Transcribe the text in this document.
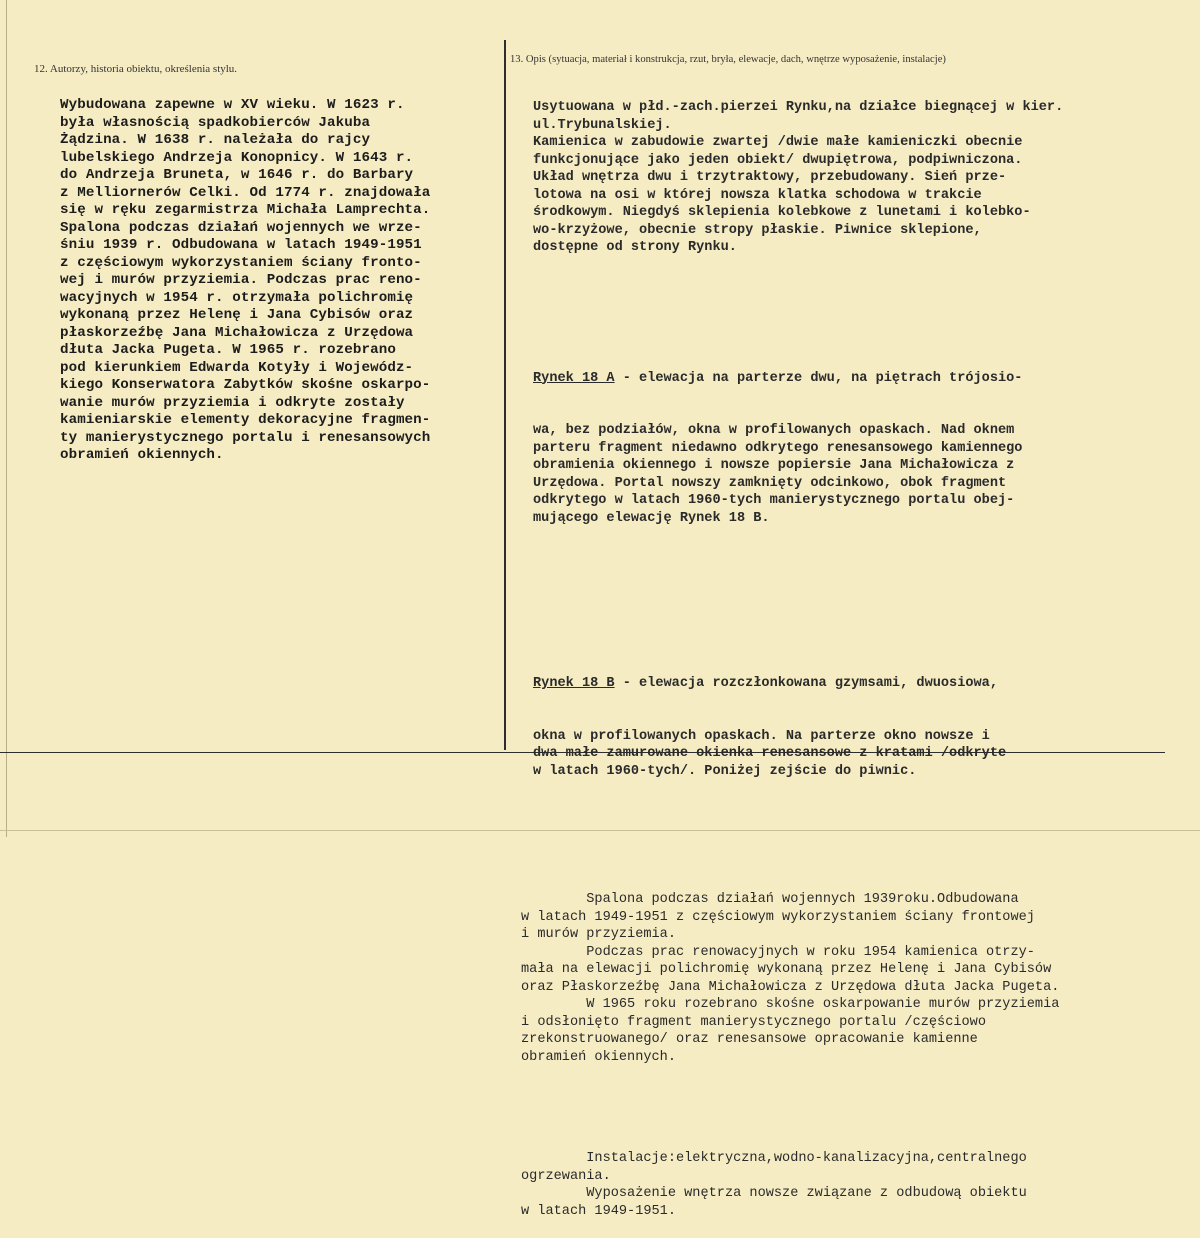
12. Autorzy, historia obiektu, określenia stylu.
Wybudowana zapewne w XV wieku. W 1623 r.
była własnością spadkobierców Jakuba
Żądzina. W 1638 r. należała do rajcy
lubelskiego Andrzeja Konopnicy. W 1643 r.
do Andrzeja Bruneta, w 1646 r. do Barbary
z Melliornerów Celki. Od 1774 r. znajdowała
się w ręku zegarmistrza Michała Lamprechta.
Spalona podczas działań wojennych we wrze-
śniu 1939 r. Odbudowana w latach 1949-1951
z częściowym wykorzystaniem ściany fronto-
wej i murów przyziemia. Podczas prac reno-
wacyjnych w 1954 r. otrzymała polichromię
wykonaną przez Helenę i Jana Cybisów oraz
płaskorzeźbę Jana Michałowicza z Urzędowa
dłuta Jacka Pugeta. W 1965 r. rozebrano
pod kierunkiem Edwarda Kotyły i Wojewódz-
kiego Konserwatora Zabytków skośne oskarpo-
wanie murów przyziemia i odkryte zostały
kamieniarskie elementy dekoracyjne fragmen-
ty manierystycznego portalu i renesansowych
obramień okiennych.
13. Opis (sytuacja, materiał i konstrukcja, rzut, bryła, elewacje, dach, wnętrze wyposażenie, instalacje)

Usytuowana w płd.-zach.pierzei Rynku,na działce biegnącej w kier.
ul.Trybunalskiej.
Kamienica w zabudowie zwartej /dwie małe kamieniczki obecnie
funkcjonujące jako jeden obiekt/ dwupiętrowa, podpiwniczona.
Układ wnętrza dwu i trzytraktowy, przebudowany. Sień prze-
lotowa na osi w której nowsza klatka schodowa w trakcie
środkowym. Niegdyś sklepienia kolebkowe z lunetami i kolebko-
wo-krzyżowe, obecnie stropy płaskie. Piwnice sklepione,
dostępne od strony Rynku.

Rynek 18 A - elewacja na parterze dwu, na piętrach trójosio-

wa, bez podziałów, okna w profilowanych opaskach. Nad oknem
parteru fragment niedawno odkrytego renesansowego kamiennego
obramienia okiennego i nowsze popiersie Jana Michałowicza z
Urzędowa. Portal nowszy zamknięty odcinkowo, obok fragment
odkrytego w latach 1960-tych manierystycznego portalu obej-
mującego elewację Rynek 18 B.

Rynek 18 B - elewacja rozczłonkowana gzymsami, dwuosiowa,

okna w profilowanych opaskach. Na parterze okno nowsze i
dwa małe zamurowane okienka renesansowe z kratami /odkryte
w latach 1960-tych/. Poniżej zejście do piwnic.

Spalona podczas działań wojennych 1939roku.Odbudowana
w latach 1949-1951 z częściowym wykorzystaniem ściany frontowej
i murów przyziemia.
Podczas prac renowacyjnych w roku 1954 kamienica otrzy-
mała na elewacji polichromię wykonaną przez Helenę i Jana Cybisów
oraz Płaskorzeźbę Jana Michałowicza z Urzędowa dłuta Jacka Pugeta.
W 1965 roku rozebrano skośne oskarpowanie murów przyziemia
i odsłonięto fragment manierystycznego portalu /częściowo
zrekonstruowanego/ oraz renesansowe opracowanie kamienne
obramień okiennych.

Instalacje:elektryczna,wodno-kanalizacyjna,centralnego
ogrzewania.
Wyposażenie wnętrza nowsze związane z odbudową obiektu
w latach 1949-1951.
